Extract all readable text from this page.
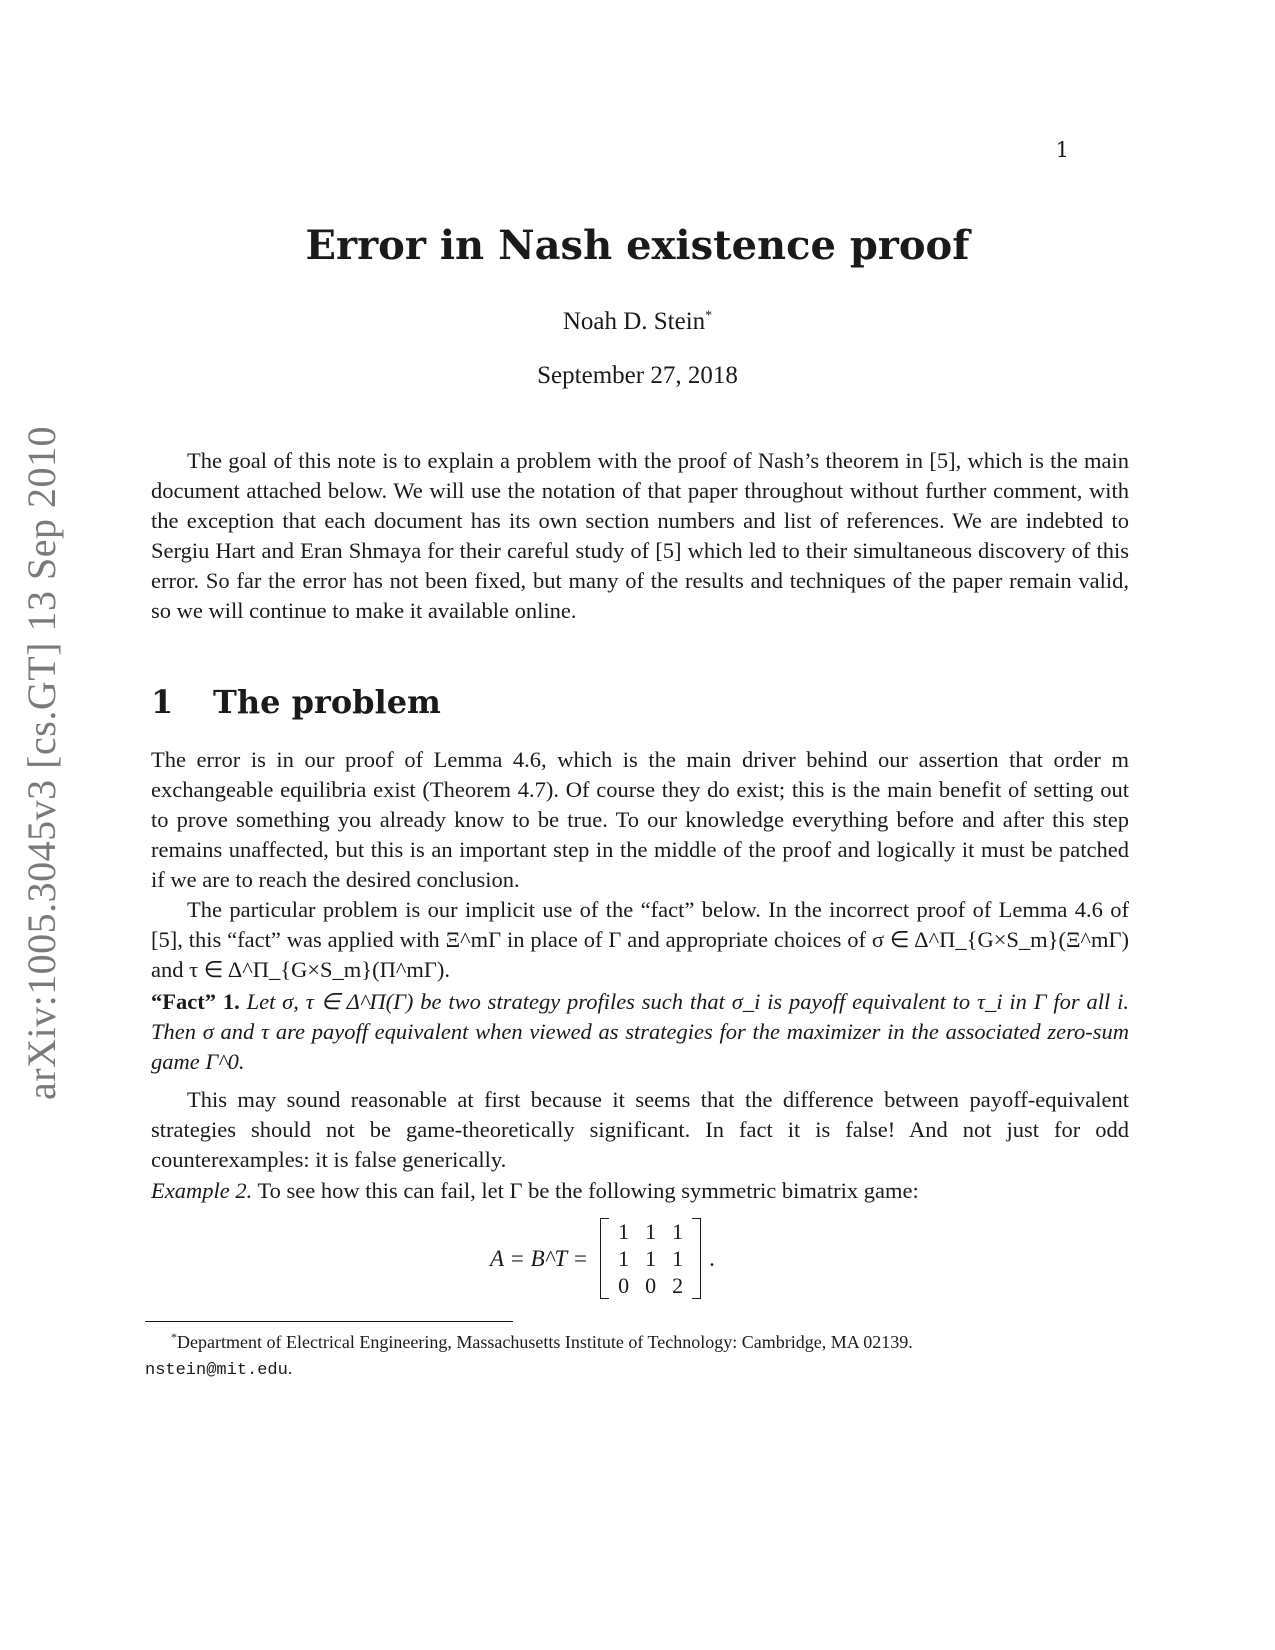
1
arXiv:1005.3045v3 [cs.GT] 13 Sep 2010
Error in Nash existence proof
Noah D. Stein*
September 27, 2018

The goal of this note is to explain a problem with the proof of Nash’s theorem in [5], which is the main document attached below. We will use the notation of that paper throughout without further comment, with the exception that each document has its own section numbers and list of references. We are indebted to Sergiu Hart and Eran Shmaya for their careful study of [5] which led to their simultaneous discovery of this error. So far the error has not been fixed, but many of the results and techniques of the paper remain valid, so we will continue to make it available online.

1 The problem

The error is in our proof of Lemma 4.6, which is the main driver behind our assertion that order m exchangeable equilibria exist (Theorem 4.7). Of course they do exist; this is the main benefit of setting out to prove something you already know to be true. To our knowledge everything before and after this step remains unaffected, but this is an important step in the middle of the proof and logically it must be patched if we are to reach the desired conclusion.

The particular problem is our implicit use of the “fact” below. In the incorrect proof of Lemma 4.6 of [5], this “fact” was applied with Ξ^mΓ in place of Γ and appropriate choices of σ ∈ Δ^Π_{G×S_m}(Ξ^mΓ) and τ ∈ Δ^Π_{G×S_m}(Π^mΓ).

“Fact” 1. Let σ, τ ∈ Δ^Π(Γ) be two strategy profiles such that σ_i is payoff equivalent to τ_i in Γ for all i. Then σ and τ are payoff equivalent when viewed as strategies for the maximizer in the associated zero-sum game Γ^0.

This may sound reasonable at first because it seems that the difference between payoff-equivalent strategies should not be game-theoretically significant. In fact it is false! And not just for odd counterexamples: it is false generically.

Example 2. To see how this can fail, let Γ be the following symmetric bimatrix game:

A = B^T =
1	1	1
1	1	1
0	0	2
.

*Department of Electrical Engineering, Massachusetts Institute of Technology: Cambridge, MA 02139.

nstein@mit.edu.
